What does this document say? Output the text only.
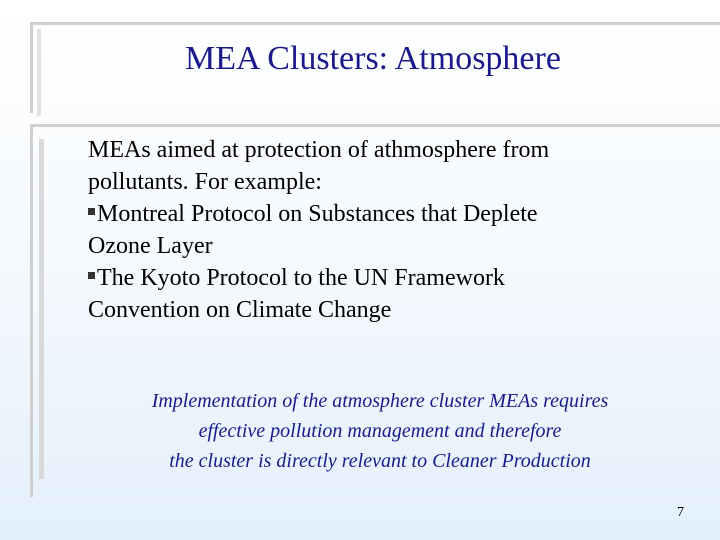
MEA Clusters: Atmosphere

MEAs aimed at protection of athmosphere from
pollutants. For example:

Montreal Protocol on Substances that Deplete
Ozone Layer
The Kyoto Protocol to the UN Framework
Convention on Climate Change
Implementation of the atmosphere cluster MEAs requires
effective pollution management and therefore
the cluster is directly relevant to Cleaner Production
7
